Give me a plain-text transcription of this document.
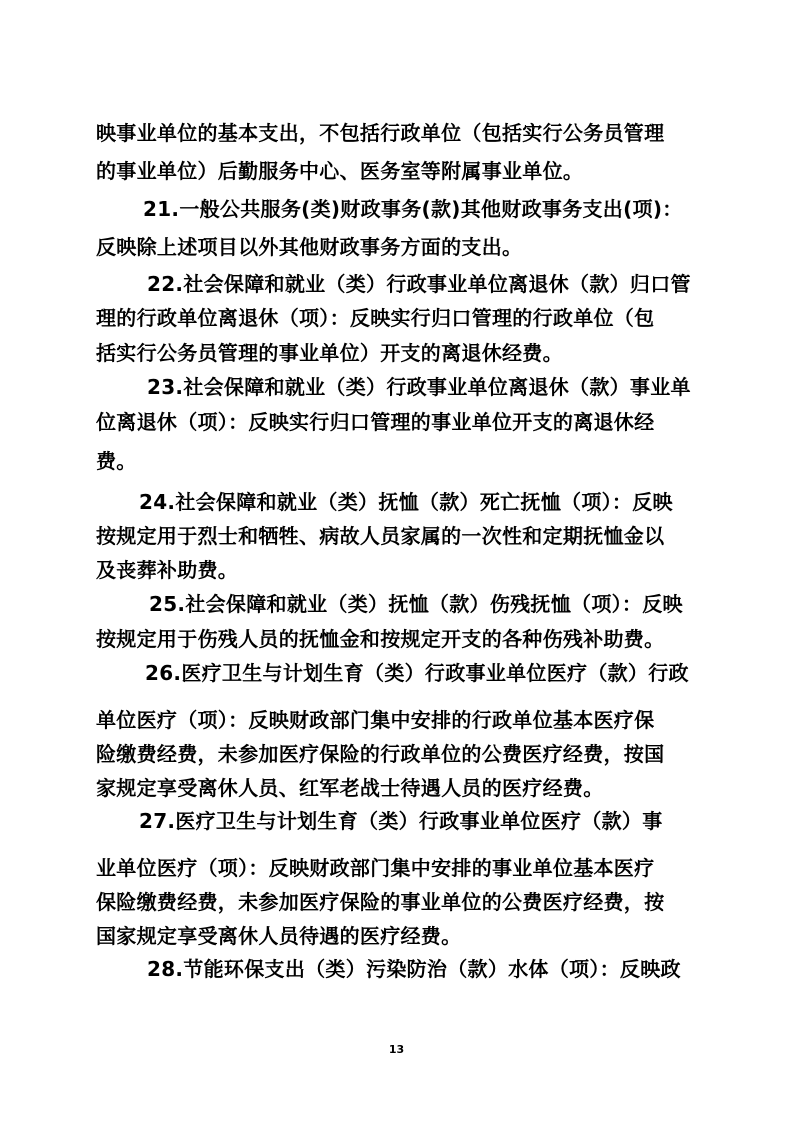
映事业单位的基本支出，不包括行政单位（包括实行公务员管理
的事业单位）后勤服务中心、医务室等附属事业单位。
21.一般公共服务(类)财政事务(款)其他财政事务支出(项)：
反映除上述项目以外其他财政事务方面的支出。
22.社会保障和就业（类）行政事业单位离退休（款）归口管
理的行政单位离退休（项）：反映实行归口管理的行政单位（包
括实行公务员管理的事业单位）开支的离退休经费。
23.社会保障和就业（类）行政事业单位离退休（款）事业单
位离退休（项）：反映实行归口管理的事业单位开支的离退休经
费。
24.社会保障和就业（类）抚恤（款）死亡抚恤（项）：反映
按规定用于烈士和牺牲、病故人员家属的一次性和定期抚恤金以
及丧葬补助费。
25.社会保障和就业（类）抚恤（款）伤残抚恤（项）：反映
按规定用于伤残人员的抚恤金和按规定开支的各种伤残补助费。
26.医疗卫生与计划生育（类）行政事业单位医疗（款）行政
单位医疗（项）：反映财政部门集中安排的行政单位基本医疗保
险缴费经费，未参加医疗保险的行政单位的公费医疗经费，按国
家规定享受离休人员、红军老战士待遇人员的医疗经费。
27.医疗卫生与计划生育（类）行政事业单位医疗（款）事
业单位医疗（项）：反映财政部门集中安排的事业单位基本医疗
保险缴费经费，未参加医疗保险的事业单位的公费医疗经费，按
国家规定享受离休人员待遇的医疗经费。
28.节能环保支出（类）污染防治（款）水体（项）：反映政
13
